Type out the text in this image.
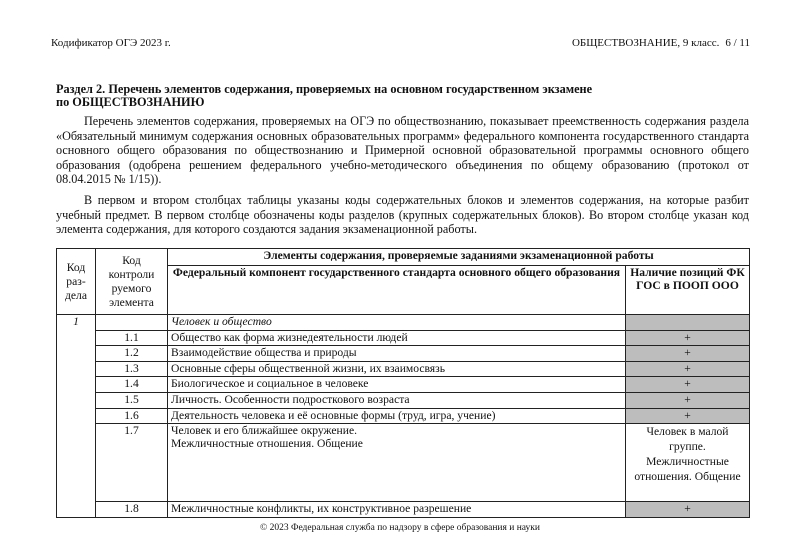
Кодификатор ОГЭ 2023 г.	ОБЩЕСТВОЗНАНИЕ, 9 класс. 6 / 11
Раздел 2. Перечень элементов содержания, проверяемых на основном государственном экзамене
по ОБЩЕСТВОЗНАНИЮ
Перечень элементов содержания, проверяемых на ОГЭ по обществознанию, показывает преемственность содержания раздела «Обязательный минимум содержания основных образовательных программ» федерального компонента государственного стандарта основного общего образования по обществознанию и Примерной основной образовательной программы основного общего образования (одобрена решением федерального учебно-методического объединения по общему образованию (протокол от 08.04.2015 № 1/15)).
В первом и втором столбцах таблицы указаны коды содержательных блоков и элементов содержания, на которые разбит учебный предмет. В первом столбце обозначены коды разделов (крупных содержательных блоков). Во втором столбце указан код элемента содержания, для которого создаются задания экзаменационной работы.
Код раз-дела	Код контроли руемого элемента	Элементы содержания, проверяемые заданиями экзаменационной работы	
		Федеральный компонент государственного стандарта основного общего образования	Наличие позиций ФК ГОС в ПООП ООО
1		Человек и общество	
	1.1	Общество как форма жизнедеятельности людей	+
	1.2	Взаимодействие общества и природы	+
	1.3	Основные сферы общественной жизни, их взаимосвязь	+
	1.4	Биологическое и социальное в человеке	+
	1.5	Личность. Особенности подросткового возраста	+
	1.6	Деятельность человека и её основные формы (труд, игра, учение)	+
	1.7	Человек и его ближайшее окружение.
Межличностные отношения. Общение	Человек в малой группе. Межличностные отношения. Общение
	1.8	Межличностные конфликты, их конструктивное разрешение	+
© 2023 Федеральная служба по надзору в сфере образования и науки
